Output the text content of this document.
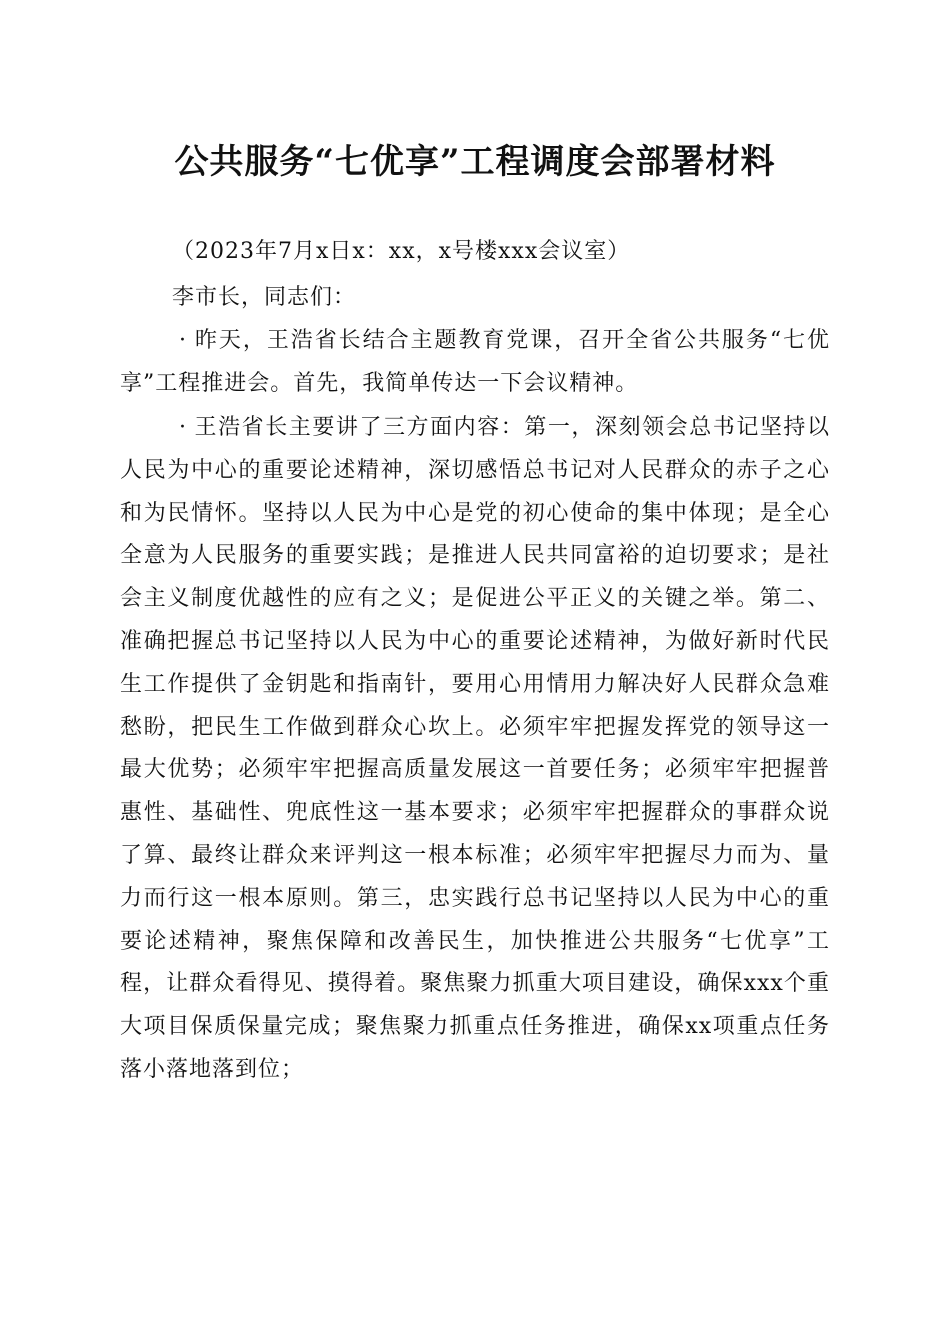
公共服务“七优享”工程调度会部署材料
（2023年7月x日x：xx，x号楼xxx会议室）
李市长，同志们：

· 昨天，王浩省长结合主题教育党课，召开全省公共服务“七优享”工程推进会。首先，我简单传达一下会议精神。

· 王浩省长主要讲了三方面内容：第一，深刻领会总书记坚持以人民为中心的重要论述精神，深切感悟总书记对人民群众的赤子之心和为民情怀。坚持以人民为中心是党的初心使命的集中体现；是全心全意为人民服务的重要实践；是推进人民共同富裕的迫切要求；是社会主义制度优越性的应有之义；是促进公平正义的关键之举。第二、准确把握总书记坚持以人民为中心的重要论述精神，为做好新时代民生工作提供了金钥匙和指南针，要用心用情用力解决好人民群众急难愁盼，把民生工作做到群众心坎上。必须牢牢把握发挥党的领导这一最大优势；必须牢牢把握高质量发展这一首要任务；必须牢牢把握普惠性、基础性、兜底性这一基本要求；必须牢牢把握群众的事群众说了算、最终让群众来评判这一根本标准；必须牢牢把握尽力而为、量力而行这一根本原则。第三，忠实践行总书记坚持以人民为中心的重要论述精神，聚焦保障和改善民生，加快推进公共服务“七优享”工程，让群众看得见、摸得着。聚焦聚力抓重大项目建设，确保xxx个重大项目保质保量完成；聚焦聚力抓重点任务推进，确保xx项重点任务落小落地落到位；
